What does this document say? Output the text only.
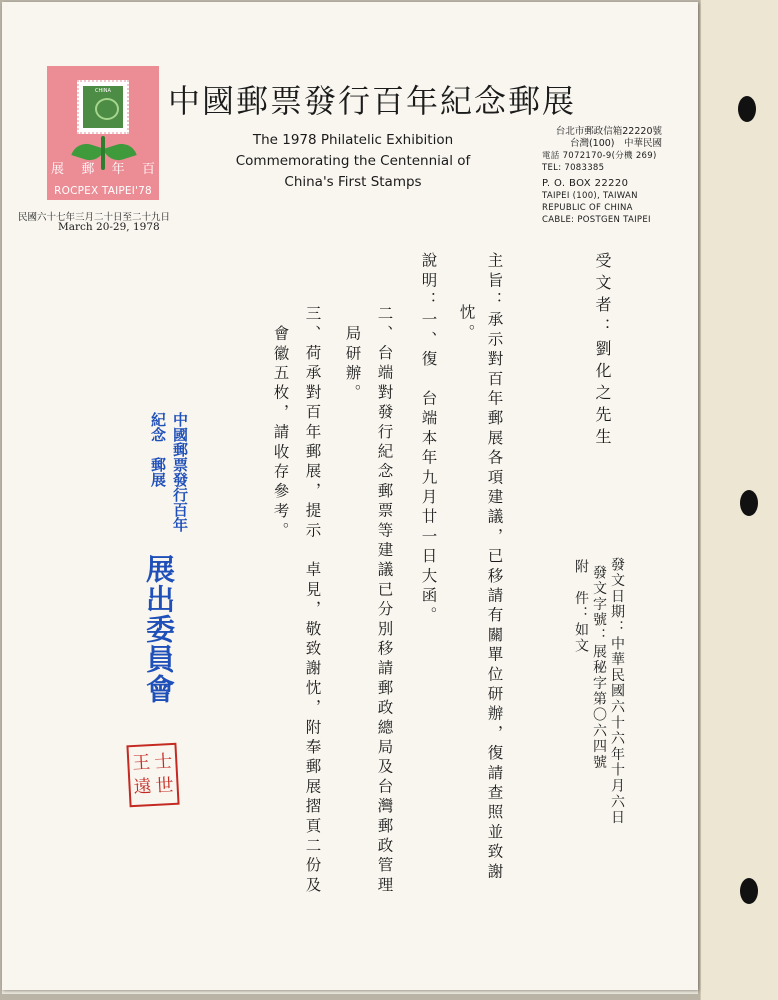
CHINA
展 郵 年 百
ROCPEX TAIPEI'78
民國六十七年三月二十日至二十九日
March 20-29, 1978
中國郵票發行百年紀念郵展
The 1978 Philatelic Exhibition
Commemorating the Centennial of
China's First Stamps
台北市郵政信箱22220號
台灣(100)　中華民國
電話 7072170-9(分機 269)
TEL: 7083385
P. O. BOX 22220
TAIPEI (100), TAIWAN
REPUBLIC OF CHINA
CABLE: POSTGEN TAIPEI
受文者：劉化之先生
發文日期：中華民國六十六年十月六日
發文字號：展秘字第〇六四號
附　件：如文
主旨：承示對百年郵展各項建議，已移請有關單位研辦，復請查照並致謝
忱。
說明：一、復　台端本年九月廿一日大函。
二、台端對發行紀念郵票等建議已分別移請郵政總局及台灣郵政管理
局研辦。
三、荷承對百年郵展，提示　卓見，敬致謝忱，附奉郵展摺頁二份及
會徽五枚，請收存參考。
中國郵票發行百年
紀念　郵展
展出委員會
王 士
遠 世
